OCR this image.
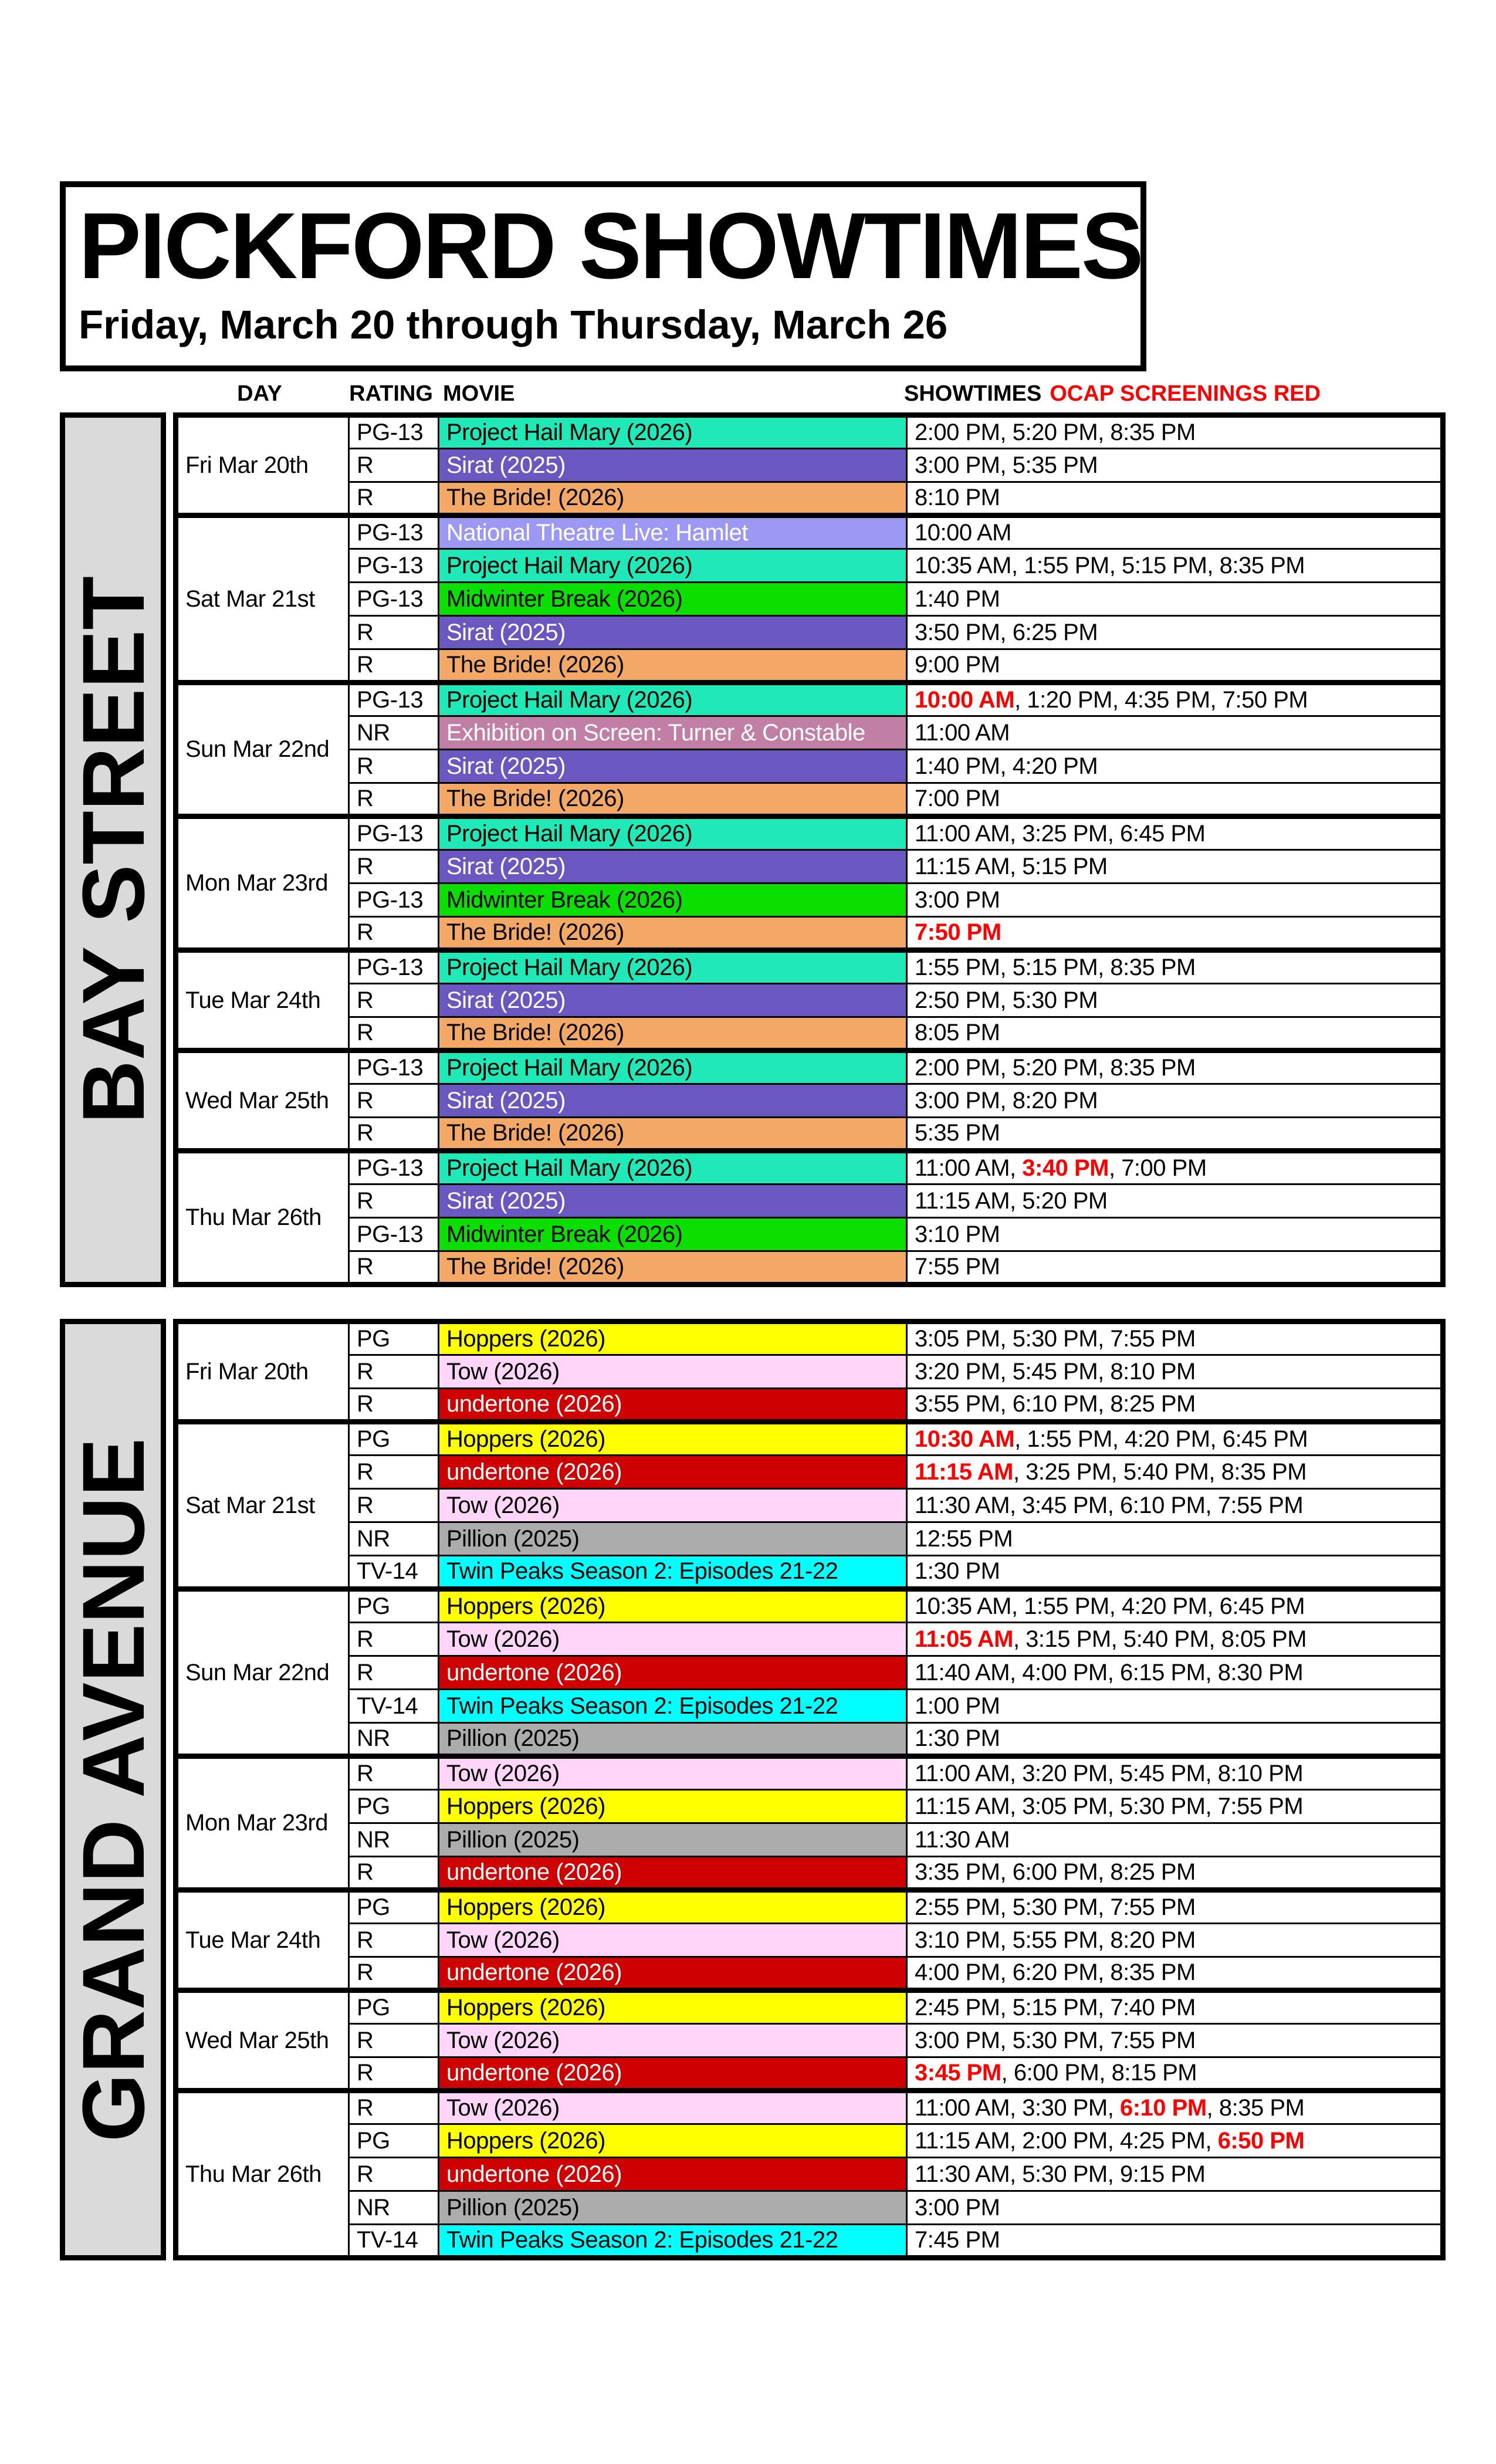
PICKFORD SHOWTIMES
Friday, March 20 through Thursday, March 26
DAY	RATING MOVIE	SHOWTIMES OCAP SCREENINGS RED
BAY STREET
Fri Mar 20th	PG-13	Project Hail Mary (2026)	2:00 PM, 5:20 PM, 8:35 PM
	R	Sirat (2025)	3:00 PM, 5:35 PM
	R	The Bride! (2026)	8:10 PM
Sat Mar 21st	PG-13	National Theatre Live: Hamlet	10:00 AM
	PG-13	Project Hail Mary (2026)	10:35 AM, 1:55 PM, 5:15 PM, 8:35 PM
	PG-13	Midwinter Break (2026)	1:40 PM
	R	Sirat (2025)	3:50 PM, 6:25 PM
	R	The Bride! (2026)	9:00 PM
Sun Mar 22nd	PG-13	Project Hail Mary (2026)	10:00 AM, 1:20 PM, 4:35 PM, 7:50 PM
	NR	Exhibition on Screen: Turner & Constable	11:00 AM
	R	Sirat (2025)	1:40 PM, 4:20 PM
	R	The Bride! (2026)	7:00 PM
Mon Mar 23rd	PG-13	Project Hail Mary (2026)	11:00 AM, 3:25 PM, 6:45 PM
	R	Sirat (2025)	11:15 AM, 5:15 PM
	PG-13	Midwinter Break (2026)	3:00 PM
	R	The Bride! (2026)	7:50 PM
Tue Mar 24th	PG-13	Project Hail Mary (2026)	1:55 PM, 5:15 PM, 8:35 PM
	R	Sirat (2025)	2:50 PM, 5:30 PM
	R	The Bride! (2026)	8:05 PM
Wed Mar 25th	PG-13	Project Hail Mary (2026)	2:00 PM, 5:20 PM, 8:35 PM
	R	Sirat (2025)	3:00 PM, 8:20 PM
	R	The Bride! (2026)	5:35 PM
Thu Mar 26th	PG-13	Project Hail Mary (2026)	11:00 AM, 3:40 PM, 7:00 PM
	R	Sirat (2025)	11:15 AM, 5:20 PM
	PG-13	Midwinter Break (2026)	3:10 PM
	R	The Bride! (2026)	7:55 PM
GRAND AVENUE
Fri Mar 20th	PG	Hoppers (2026)	3:05 PM, 5:30 PM, 7:55 PM
	R	Tow (2026)	3:20 PM, 5:45 PM, 8:10 PM
	R	undertone (2026)	3:55 PM, 6:10 PM, 8:25 PM
Sat Mar 21st	PG	Hoppers (2026)	10:30 AM, 1:55 PM, 4:20 PM, 6:45 PM
	R	undertone (2026)	11:15 AM, 3:25 PM, 5:40 PM, 8:35 PM
	R	Tow (2026)	11:30 AM, 3:45 PM, 6:10 PM, 7:55 PM
	NR	Pillion (2025)	12:55 PM
	TV-14	Twin Peaks Season 2: Episodes 21-22	1:30 PM
Sun Mar 22nd	PG	Hoppers (2026)	10:35 AM, 1:55 PM, 4:20 PM, 6:45 PM
	R	Tow (2026)	11:05 AM, 3:15 PM, 5:40 PM, 8:05 PM
	R	undertone (2026)	11:40 AM, 4:00 PM, 6:15 PM, 8:30 PM
	TV-14	Twin Peaks Season 2: Episodes 21-22	1:00 PM
	NR	Pillion (2025)	1:30 PM
Mon Mar 23rd	R	Tow (2026)	11:00 AM, 3:20 PM, 5:45 PM, 8:10 PM
	PG	Hoppers (2026)	11:15 AM, 3:05 PM, 5:30 PM, 7:55 PM
	NR	Pillion (2025)	11:30 AM
	R	undertone (2026)	3:35 PM, 6:00 PM, 8:25 PM
Tue Mar 24th	PG	Hoppers (2026)	2:55 PM, 5:30 PM, 7:55 PM
	R	Tow (2026)	3:10 PM, 5:55 PM, 8:20 PM
	R	undertone (2026)	4:00 PM, 6:20 PM, 8:35 PM
Wed Mar 25th	PG	Hoppers (2026)	2:45 PM, 5:15 PM, 7:40 PM
	R	Tow (2026)	3:00 PM, 5:30 PM, 7:55 PM
	R	undertone (2026)	3:45 PM, 6:00 PM, 8:15 PM
Thu Mar 26th	R	Tow (2026)	11:00 AM, 3:30 PM, 6:10 PM, 8:35 PM
	PG	Hoppers (2026)	11:15 AM, 2:00 PM, 4:25 PM, 6:50 PM
	R	undertone (2026)	11:30 AM, 5:30 PM, 9:15 PM
	NR	Pillion (2025)	3:00 PM
	TV-14	Twin Peaks Season 2: Episodes 21-22	7:45 PM
